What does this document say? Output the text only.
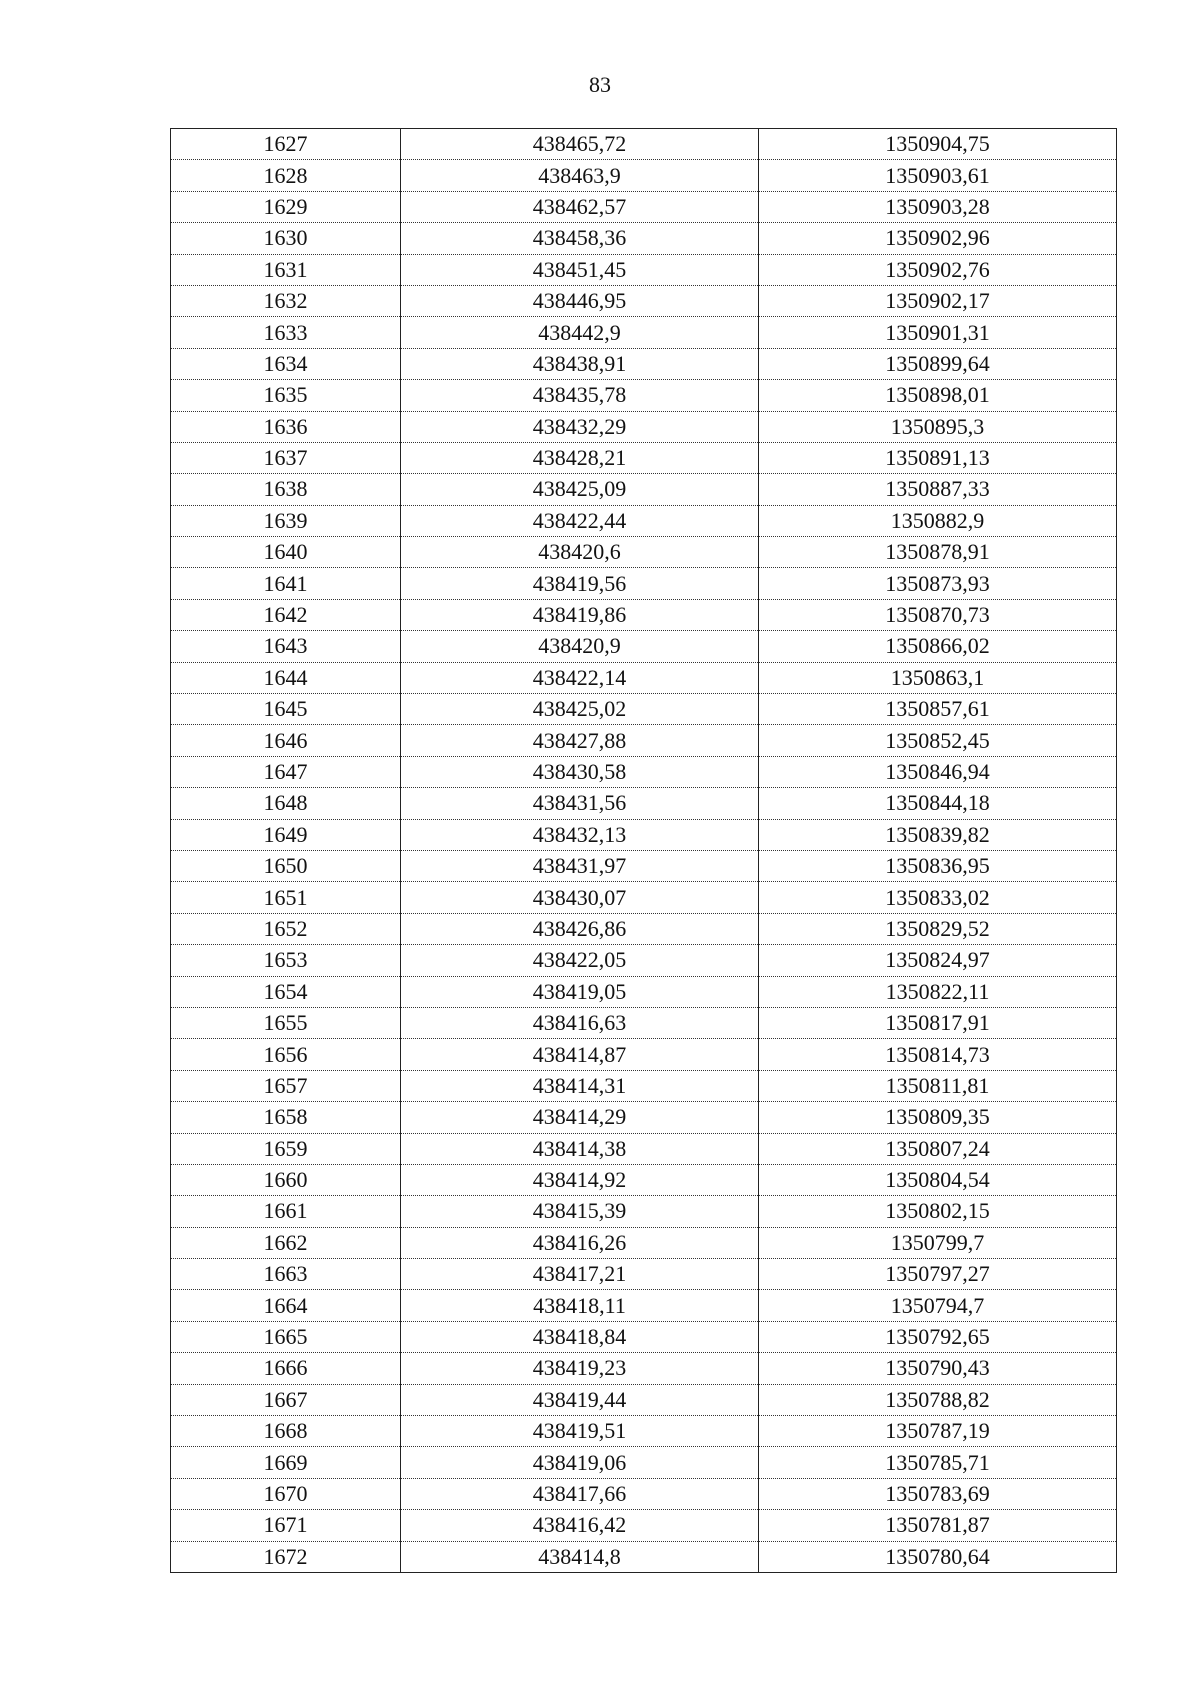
83
1627	438465,72	1350904,75
1628	438463,9	1350903,61
1629	438462,57	1350903,28
1630	438458,36	1350902,96
1631	438451,45	1350902,76
1632	438446,95	1350902,17
1633	438442,9	1350901,31
1634	438438,91	1350899,64
1635	438435,78	1350898,01
1636	438432,29	1350895,3
1637	438428,21	1350891,13
1638	438425,09	1350887,33
1639	438422,44	1350882,9
1640	438420,6	1350878,91
1641	438419,56	1350873,93
1642	438419,86	1350870,73
1643	438420,9	1350866,02
1644	438422,14	1350863,1
1645	438425,02	1350857,61
1646	438427,88	1350852,45
1647	438430,58	1350846,94
1648	438431,56	1350844,18
1649	438432,13	1350839,82
1650	438431,97	1350836,95
1651	438430,07	1350833,02
1652	438426,86	1350829,52
1653	438422,05	1350824,97
1654	438419,05	1350822,11
1655	438416,63	1350817,91
1656	438414,87	1350814,73
1657	438414,31	1350811,81
1658	438414,29	1350809,35
1659	438414,38	1350807,24
1660	438414,92	1350804,54
1661	438415,39	1350802,15
1662	438416,26	1350799,7
1663	438417,21	1350797,27
1664	438418,11	1350794,7
1665	438418,84	1350792,65
1666	438419,23	1350790,43
1667	438419,44	1350788,82
1668	438419,51	1350787,19
1669	438419,06	1350785,71
1670	438417,66	1350783,69
1671	438416,42	1350781,87
1672	438414,8	1350780,64
